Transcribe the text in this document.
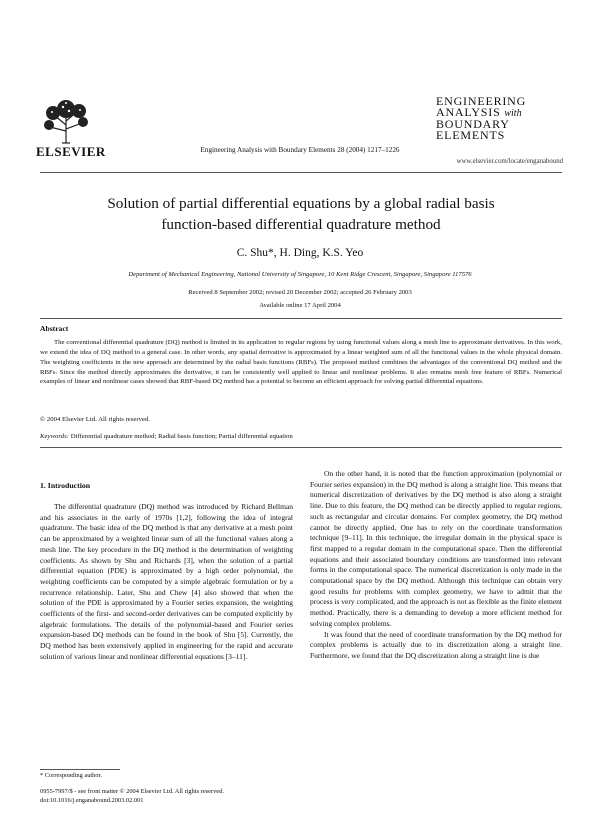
ELSEVIER	Engineering Analysis with Boundary Elements 28 (2004) 1217–1226
ENGINEERING
ANALYSIS with
BOUNDARY
ELEMENTS
www.elsevier.com/locate/enganabound
Solution of partial differential equations by a global radial basis
function-based differential quadrature method
C. Shu*, H. Ding, K.S. Yeo
Department of Mechanical Engineering, National University of Singapore, 10 Kent Ridge Crescent, Singapore, Singapore 117576
Received 8 September 2002; revised 20 December 2002; accepted 26 February 2003
Available online 17 April 2004
Abstract
The conventional differential quadrature (DQ) method is limited in its application to regular regions by using functional values along a mesh line to approximate derivatives. In this work, we extend the idea of DQ method to a general case. In other words, any spatial derivative is approximated by a linear weighted sum of all the functional values in the whole physical domain. The weighting coefficients in the new approach are determined by the radial basis functions (RBFs). The proposed method combines the advantages of the conventional DQ method and the RBFs. Since the method directly approximates the derivative, it can be consistently well applied to linear and nonlinear problems. It also remains mesh free feature of RBFs. Numerical examples of linear and nonlinear cases showed that RBF-based DQ method has a potential to become an efficient approach for solving partial differential equations.
© 2004 Elsevier Ltd. All rights reserved.
Keywords: Differential quadrature method; Radial basis function; Partial differential equation
1. Introduction

The differential quadrature (DQ) method was introduced by Richard Bellman and his associates in the early of 1970s [1,2], following the idea of integral quadrature. The basic idea of the DQ method is that any derivative at a mesh point can be approximated by a weighted linear sum of all the functional values along a mesh line. The key procedure in the DQ method is the determination of weighting coefficients. As shown by Shu and Richards [3], when the solution of a partial differential equation (PDE) is approximated by a high order polynomial, the weighting coefficients can be computed by a simple algebraic formulation or by a recurrence relationship. Later, Shu and Chew [4] also showed that when the solution of the PDE is approximated by a Fourier series expansion, the weighting coefficients of the first- and second-order derivatives can be computed explicitly by algebraic formulations. The details of the polynomial-based and Fourier series expansion-based DQ methods can be found in the book of Shu [5]. Currently, the DQ method has been extensively applied in engineering for the rapid and accurate solution of various linear and nonlinear differential equations [3–11].

On the other hand, it is noted that the function approximation (polynomial or Fourier series expansion) in the DQ method is along a straight line. This means that numerical discretization of derivatives by the DQ method is also along a straight line. Due to this feature, the DQ method can be directly applied to regular regions, such as rectangular and circular domains. For complex geometry, the DQ method cannot be directly applied. One has to rely on the coordinate transformation technique [9–11]. In this technique, the irregular domain in the physical space is first mapped to a regular domain in the computational space. Then the differential equations and their associated boundary conditions are transformed into relevant forms in the computational space. The numerical discretization is only made in the computational space by the DQ method. Although this technique can obtain very good results for problems with complex geometry, we have to admit that the process is very complicated, and the approach is not as flexible as the finite element method. Practically, there is a demanding to develop a more efficient method for solving complex problems.

It was found that the need of coordinate transformation by the DQ method for complex problems is actually due to its discretization along a straight line. Furthermore, we found that the DQ discretization along a straight line is due

* Corresponding author.
0955-7997/$ - see front matter © 2004 Elsevier Ltd. All rights reserved.
doi:10.1016/j.enganabound.2003.02.001
